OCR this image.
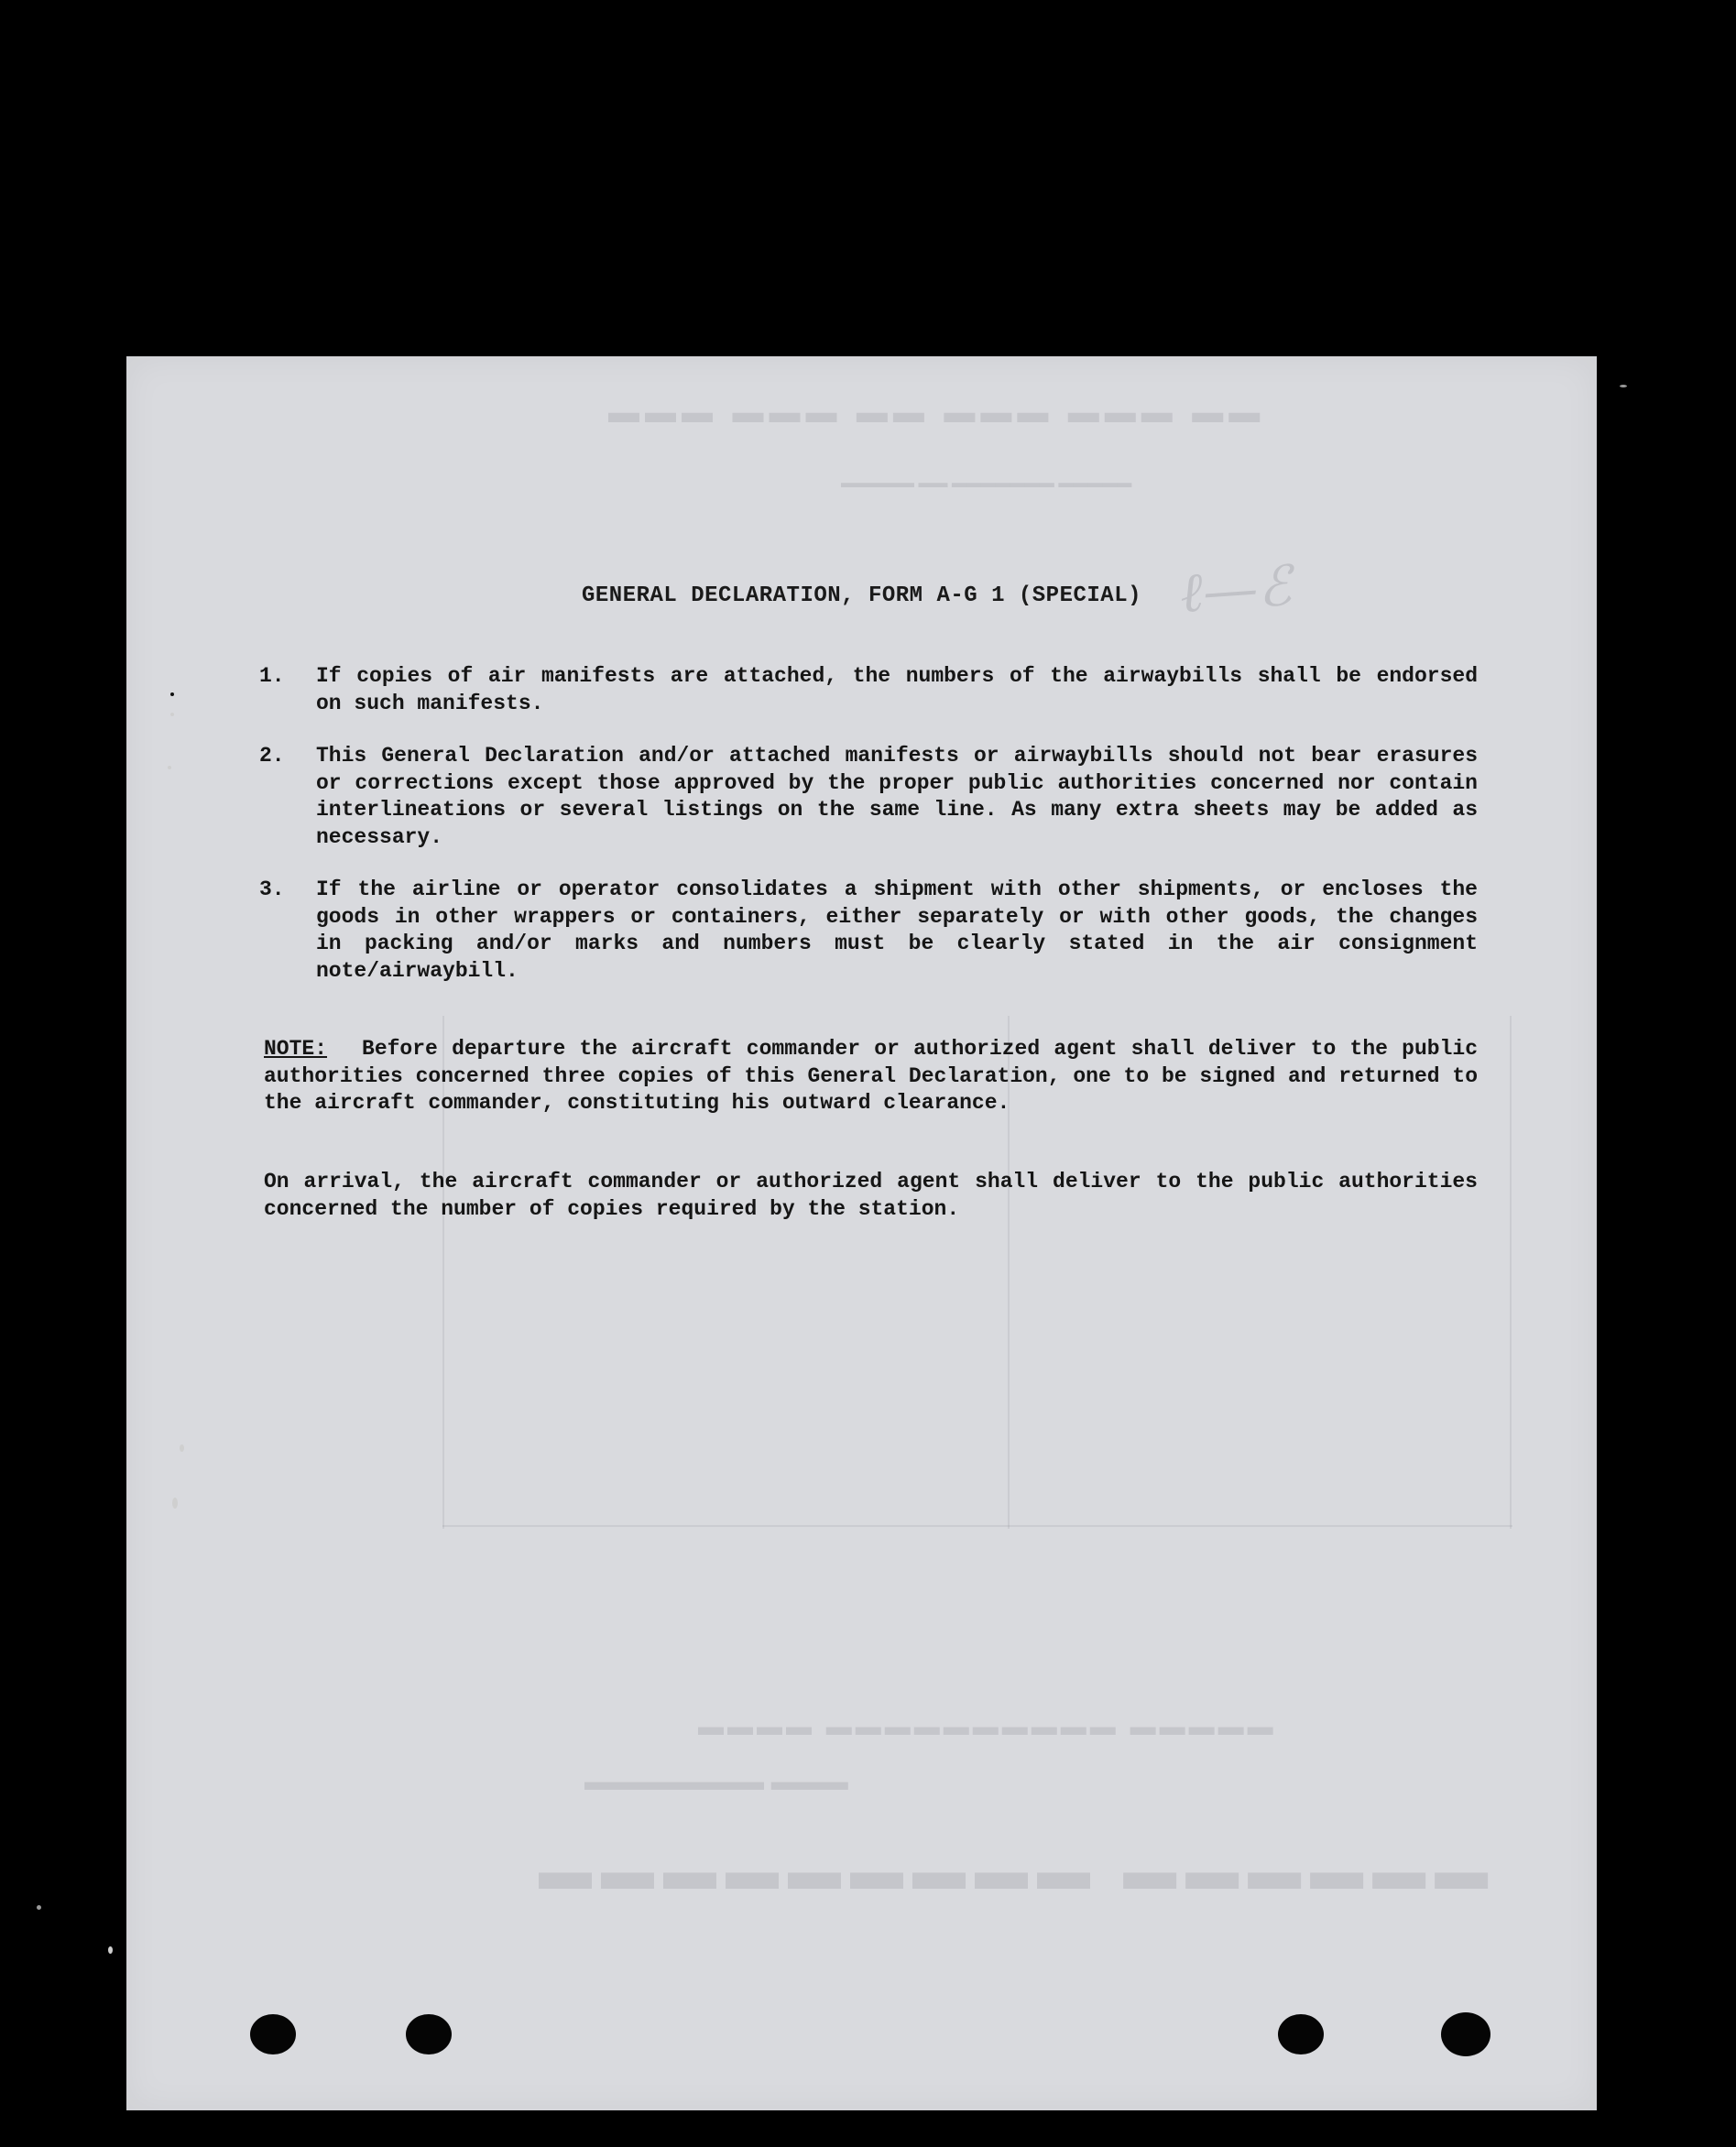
▬▬ ▬▬▬ ▬▬▬ ▬▬ ▬▬▬ ▬▬▬
▬▬▬▬▬ ▬▬▬▬▬▬▬ ▬▬ ▬▬▬▬▬
▬▬▬▬▬ ▬▬▬▬▬▬▬▬▬▬ ▬▬▬▬
▬▬▬ ▬▬▬▬▬▬▬
▬▬▬▬▬▬ ▬▬▬▬▬▬▬▬▬
ℓ—ℰ
GENERAL DECLARATION, FORM A-G 1 (SPECIAL)
1. If copies of air manifests are attached, the numbers of the airwaybills shall be endorsed on such manifests.
2. This General Declaration and/or attached manifests or airwaybills should not bear erasures or corrections except those approved by the proper public authorities concerned nor contain interlineations or several listings on the same line. As many extra sheets may be added as necessary.
3. If the airline or operator consolidates a shipment with other shipments, or encloses the goods in other wrappers or containers, either separately or with other goods, the changes in packing and/or marks and numbers must be clearly stated in the air consignment note/airwaybill.
NOTE: Before departure the aircraft commander or authorized agent shall deliver to the public authorities concerned three copies of this General Declaration, one to be signed and returned to the aircraft commander, constituting his outward clearance.
On arrival, the aircraft commander or authorized agent shall deliver to the public authorities concerned the number of copies required by the station.
